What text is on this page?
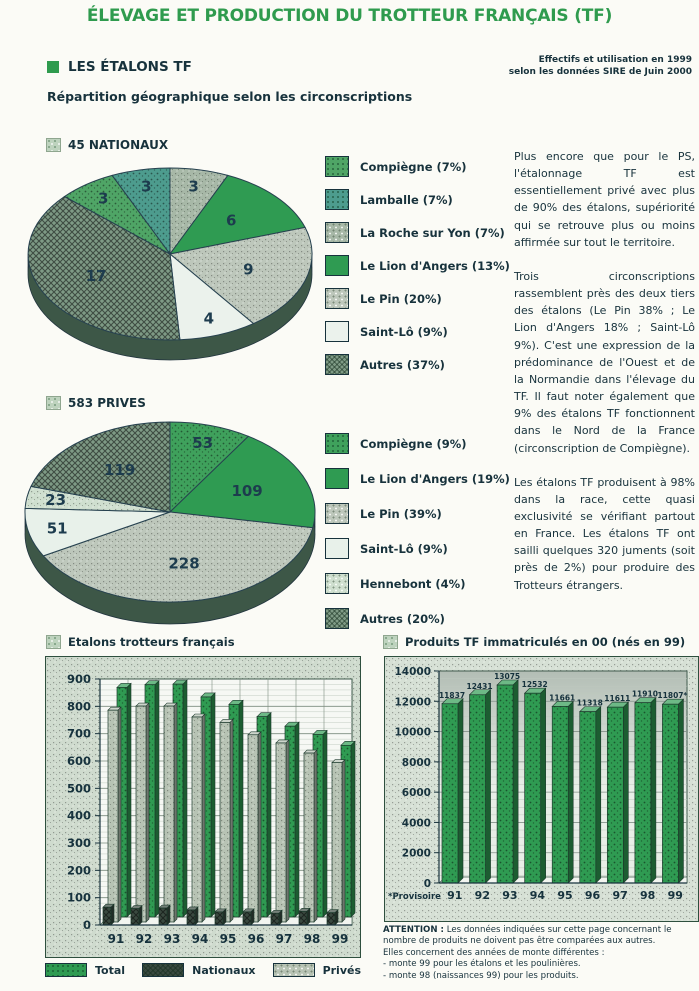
ÉLEVAGE ET PRODUCTION DU TROTTEUR FRANÇAIS (TF)
LES ÉTALONS TF	Effectifs et utilisation en 1999
selon les données SIRE de Juin 2000
Répartition géographique selon les circonscriptions
45 NATIONAUX
3
6
9
4
17
3
3
Compiègne (7%)
Lamballe (7%)
La Roche sur Yon (7%)
Le Lion d'Angers (13%)
Le Pin (20%)
Saint-Lô (9%)
Autres (37%)
583 PRIVES
53
109
228
51
23
119
Compiègne (9%)
Le Lion d'Angers (19%)
Le Pin (39%)
Saint-Lô (9%)
Hennebont (4%)
Autres (20%)

Plus encore que pour le PS, l'étalonnage TF est essentiellement privé avec plus de 90% des étalons, supériorité qui se retrouve plus ou moins affirmée sur tout le territoire.

Trois circonscriptions rassemblent près des deux tiers des étalons (Le Pin 38% ; Le Lion d'Angers 18% ; Saint-Lô 9%). C'est une expression de la prédominance de l'Ouest et de la Normandie dans l'élevage du TF. Il faut noter également que 9% des étalons TF fonctionnent dans le Nord de la France (circonscription de Compiègne).

Les étalons TF produisent à 98% dans la race, cette quasi exclusivité se vérifiant partout en France. Les étalons TF ont sailli quelques 320 juments (soit près de 2%) pour produire des Trotteurs étrangers.

Etalons trotteurs français
0
100
200
300
400
500
600
700
800
900
91 92 93 94 95 96 97 98 99
Produits TF immatriculés en 00 (nés en 99)
0
2000
4000
6000
8000
10000
12000
14000
11837
91
12431
92
13075
93
12532
94
11661
95
11318
96
11611
97
11910
98
11807*
99
*Provisoire
ATTENTION : Les données indiquées sur cette page concernant le nombre de produits ne doivent pas être comparées aux autres.
Elles concernent des années de monte différentes :
- monte 99 pour les étalons et les poulinières.
- monte 98 (naissances 99) pour les produits.
Total	Nationaux	Privés
